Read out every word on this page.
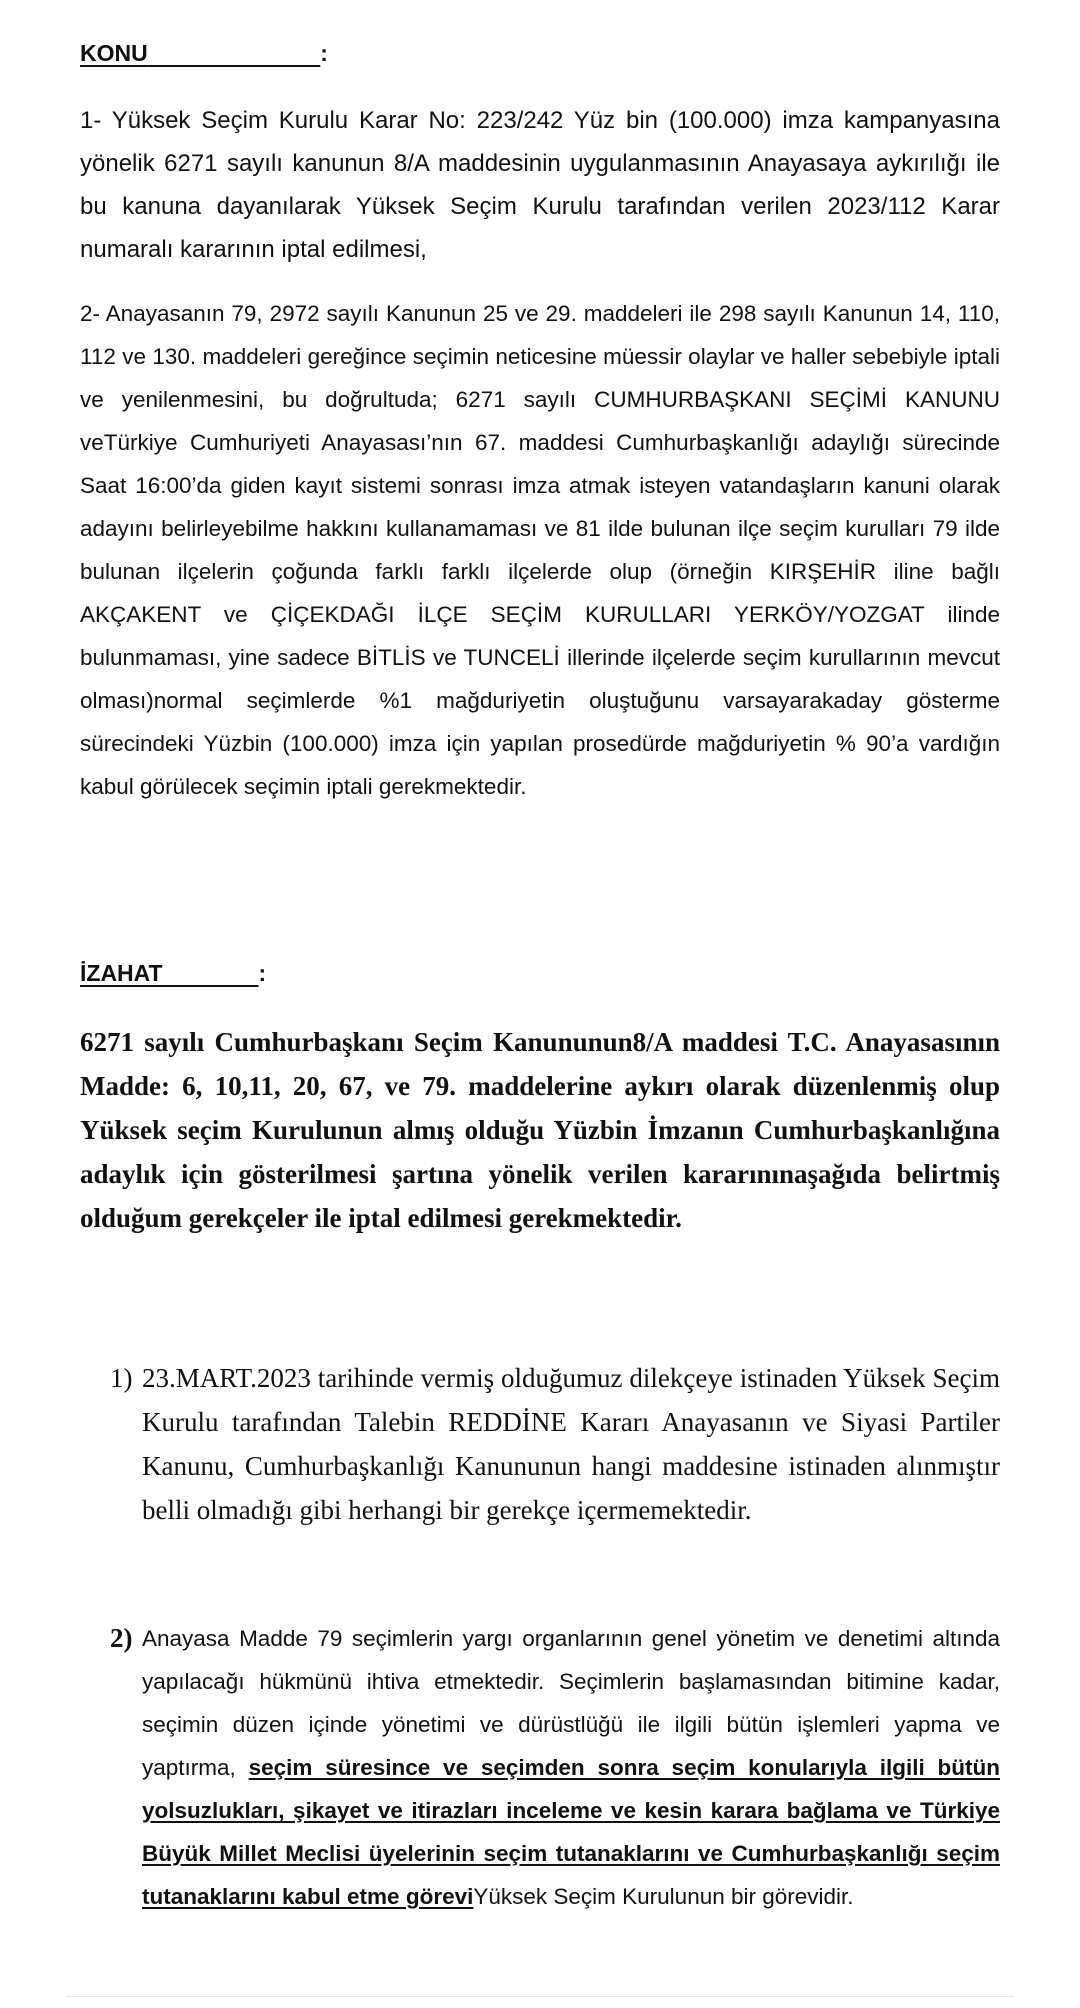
KONU	:

1- Yüksek Seçim Kurulu Karar No: 223/242 Yüz bin (100.000) imza kampanyasına yönelik 6271 sayılı kanunun 8/A maddesinin uygulanmasının Anayasaya aykırılığı ile bu kanuna dayanılarak Yüksek Seçim Kurulu tarafından verilen 2023/112 Karar numaralı kararının iptal edilmesi,

2- Anayasanın 79, 2972 sayılı Kanunun 25 ve 29. maddeleri ile 298 sayılı Kanunun 14, 110, 112 ve 130. maddeleri gereğince seçimin neticesine müessir olaylar ve haller sebebiyle iptali ve yenilenmesini, bu doğrultuda; 6271 sayılı CUMHURBAŞKANI SEÇİMİ KANUNU veTürkiye Cumhuriyeti Anayasası’nın 67. maddesi Cumhurbaşkanlığı adaylığı sürecinde Saat 16:00’da giden kayıt sistemi sonrası imza atmak isteyen vatandaşların kanuni olarak adayını belirleyebilme hakkını kullanamaması ve 81 ilde bulunan ilçe seçim kurulları 79 ilde bulunan ilçelerin çoğunda farklı farklı ilçelerde olup (örneğin KIRŞEHİR iline bağlı AKÇAKENT ve ÇİÇEKDAĞI İLÇE SEÇİM KURULLARI YERKÖY/YOZGAT ilinde bulunmaması, yine sadece BİTLİS ve TUNCELİ illerinde ilçelerde seçim kurullarının mevcut olması)normal seçimlerde %1 mağduriyetin oluştuğunu varsayarakaday gösterme sürecindeki Yüzbin (100.000) imza için yapılan prosedürde mağduriyetin % 90’a vardığın kabul görülecek seçimin iptali gerekmektedir.

İZAHAT	:

6271 sayılı Cumhurbaşkanı Seçim Kanununun8/A maddesi T.C. Anayasasının Madde: 6, 10,11, 20, 67, ve 79. maddelerine aykırı olarak düzenlenmiş olup Yüksek seçim Kurulunun almış olduğu Yüzbin İmzanın Cumhurbaşkanlığına adaylık için gösterilmesi şartına yönelik verilen kararınınaşağıda belirtmiş olduğum gerekçeler ile iptal edilmesi gerekmektedir.

1) 23.MART.2023 tarihinde vermiş olduğumuz dilekçeye istinaden Yüksek Seçim Kurulu tarafından Talebin REDDİNE Kararı Anayasanın ve Siyasi Partiler Kanunu, Cumhurbaşkanlığı Kanununun hangi maddesine istinaden alınmıştır belli olmadığı gibi herhangi bir gerekçe içermemektedir.
2) Anayasa Madde 79 seçimlerin yargı organlarının genel yönetim ve denetimi altında yapılacağı hükmünü ihtiva etmektedir. Seçimlerin başlamasından bitimine kadar, seçimin düzen içinde yönetimi ve dürüstlüğü ile ilgili bütün işlemleri yapma ve yaptırma, seçim süresince ve seçimden sonra seçim konularıyla ilgili bütün yolsuzlukları, şikayet ve itirazları inceleme ve kesin karara bağlama ve Türkiye Büyük Millet Meclisi üyelerinin seçim tutanaklarını ve Cumhurbaşkanlığı seçim tutanaklarını kabul etme göreviYüksek Seçim Kurulunun bir görevidir.
